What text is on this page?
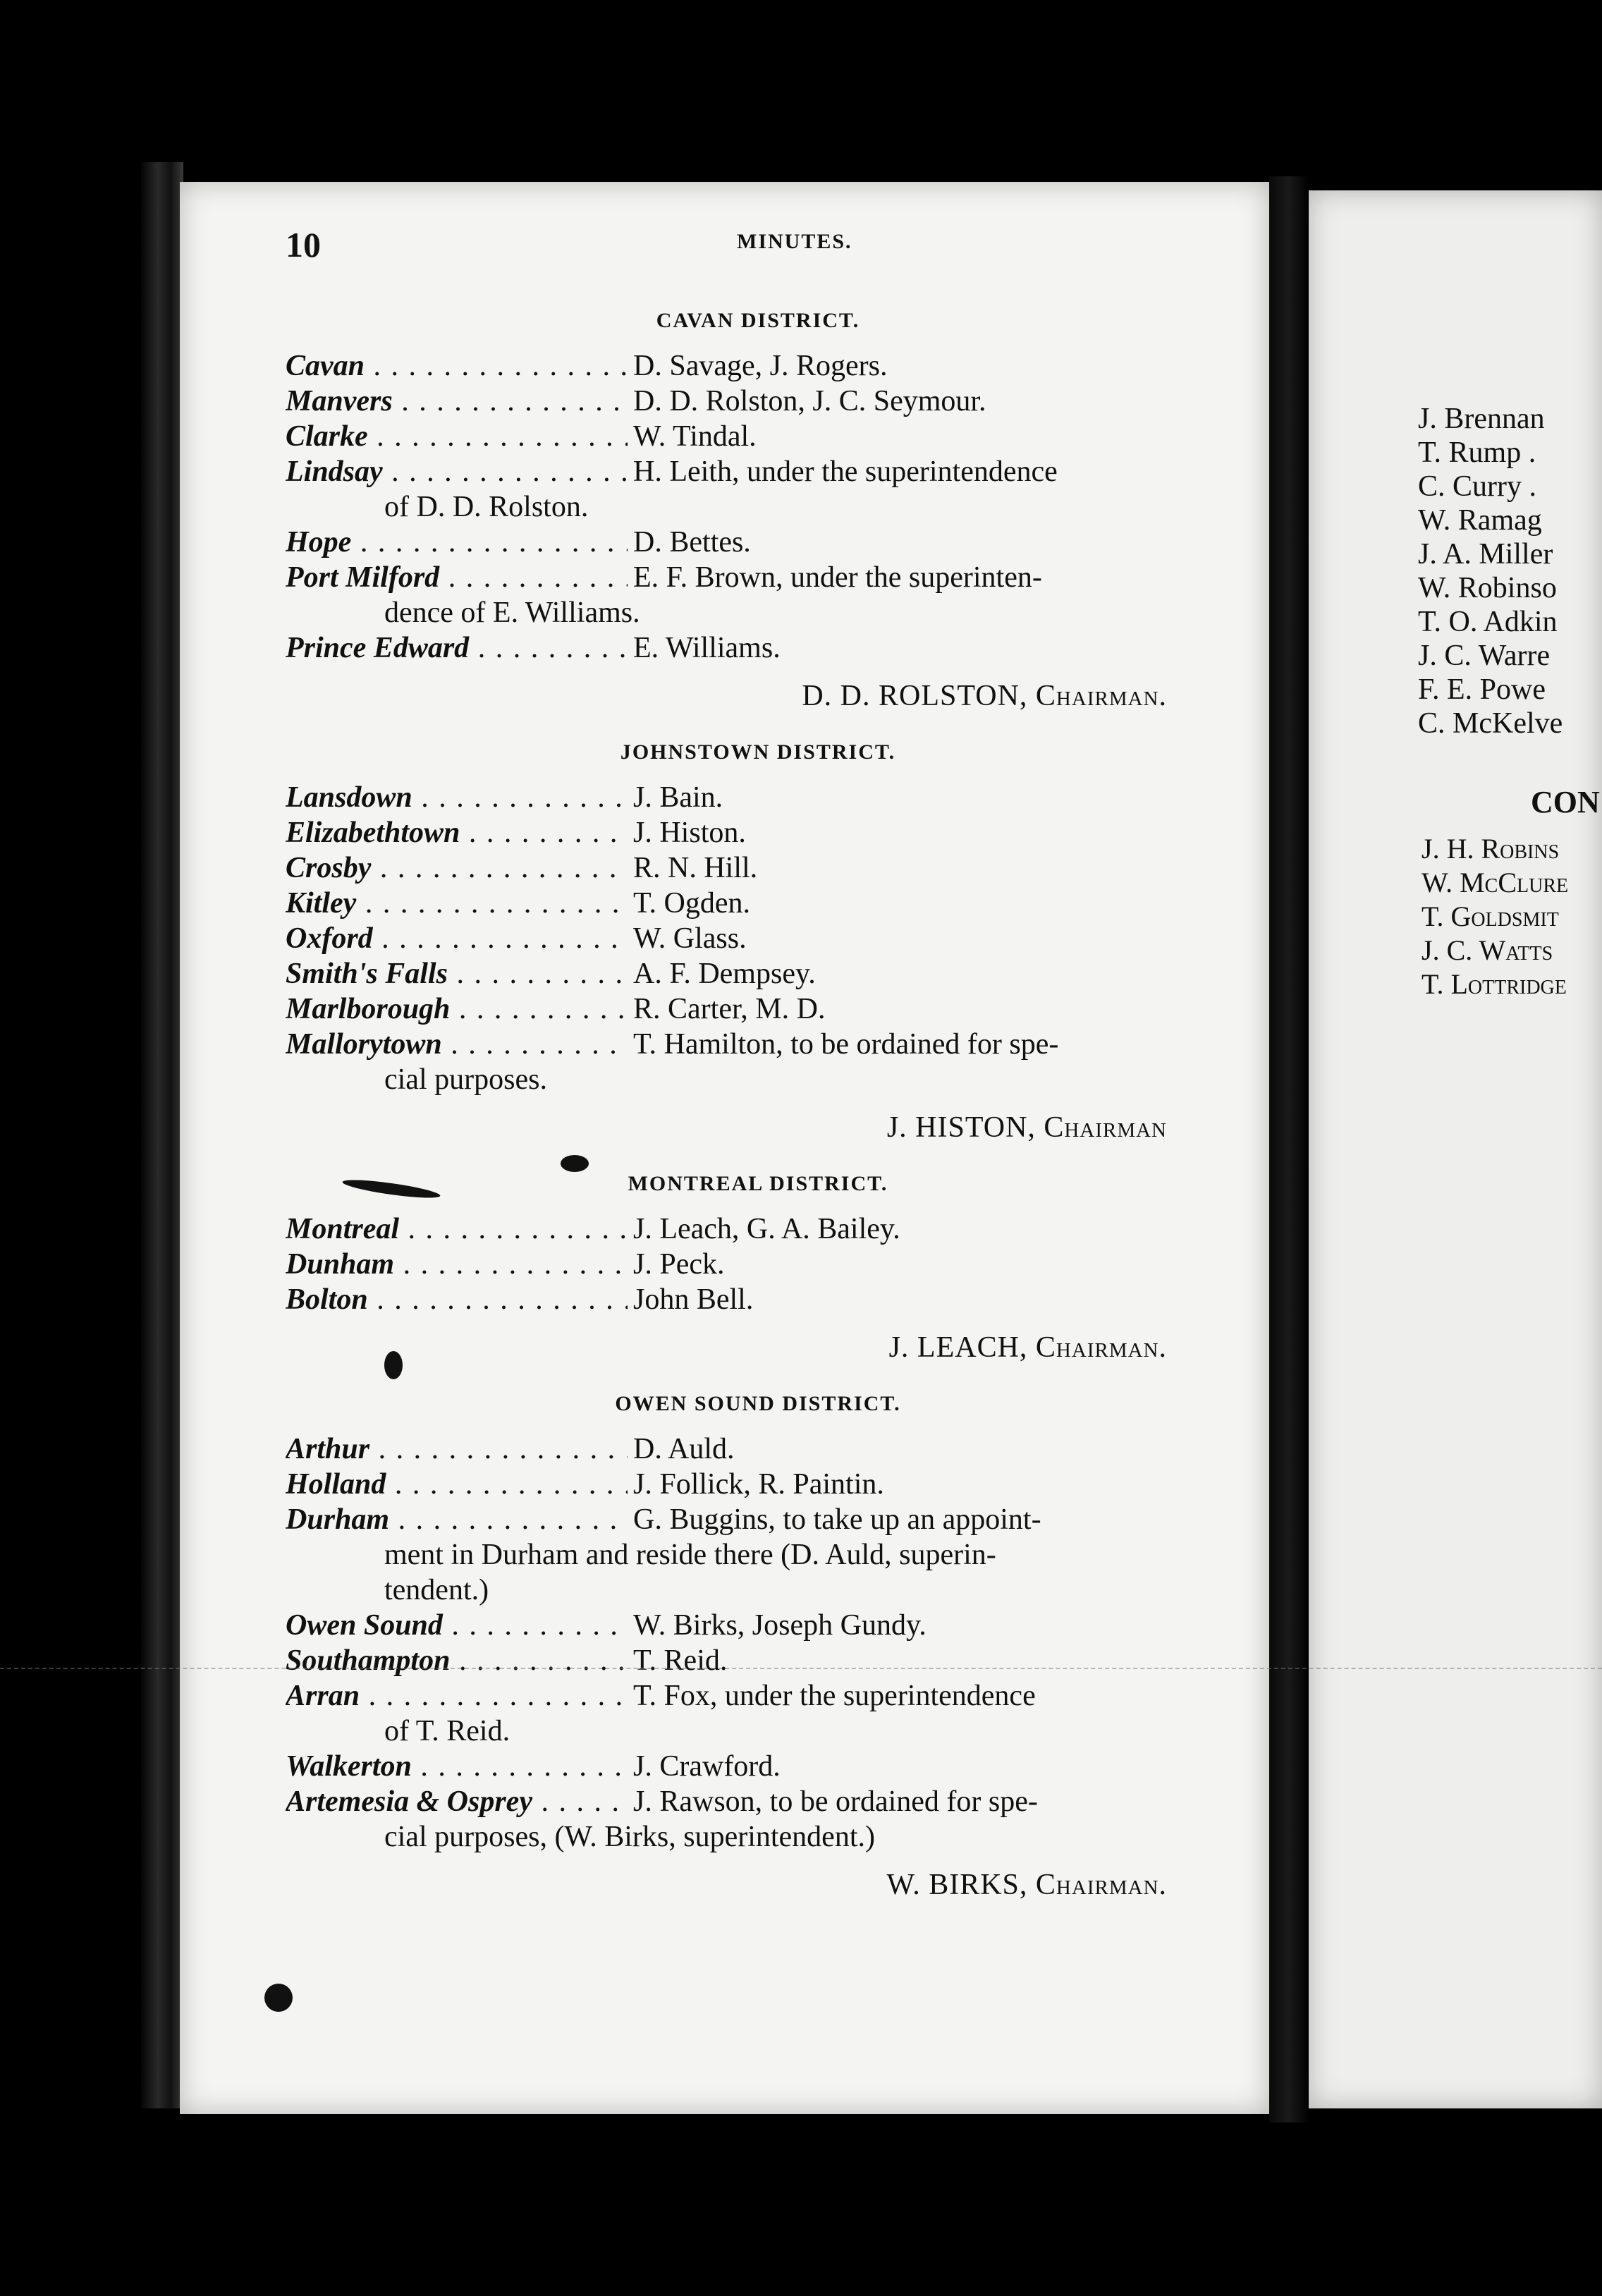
10	MINUTES.
CAVAN DISTRICT.
Cavan . . .	D. Savage, J. Rogers.
Manvers . . .	D. D. Rolston, J. C. Seymour.
Clarke . . .	W. Tindal.
Lindsay . . .	H. Leith, under the superintendence
of D. D. Rolston.
Hope . . .	D. Bettes.
Port Milford . . .	E. F. Brown, under the superinten-
dence of E. Williams.
Prince Edward . . .	E. Williams.
D. D. ROLSTON, Chairman.
JOHNSTOWN DISTRICT.
Lansdown . . .	J. Bain.
Elizabethtown . . .	J. Histon.
Crosby . . .	R. N. Hill.
Kitley . . .	T. Ogden.
Oxford . . .	W. Glass.
Smith's Falls . . .	A. F. Dempsey.
Marlborough . . .	R. Carter, M. D.
Mallorytown . . .	T. Hamilton, to be ordained for spe-
cial purposes.
J. HISTON, Chairman
MONTREAL DISTRICT.
Montreal . . .	J. Leach, G. A. Bailey.
Dunham . . .	J. Peck.
Bolton . . .	John Bell.
J. LEACH, Chairman.
OWEN SOUND DISTRICT.
Arthur . . .	D. Auld.
Holland . . .	J. Follick, R. Paintin.
Durham . . .	G. Buggins, to take up an appoint-
ment in Durham and reside there (D. Auld, superin-
tendent.)
Owen Sound . . .	W. Birks, Joseph Gundy.
Southampton . . .	T. Reid.
Arran . . .	T. Fox, under the superintendence
of T. Reid.
Walkerton . . .	J. Crawford.
Artemesia & Osprey . . .	J. Rawson, to be ordained for spe-
cial purposes, (W. Birks, superintendent.)
W. BIRKS, Chairman.
J. Brennan
T. Rump .
C. Curry .
W. Ramag
J. A. Miller
W. Robinso
T. O. Adkin
J. C. Warre
F. E. Powe
C. McKelve
CON
J. H. Robins
W. McClure
T. Goldsmit
J. C. Watts
T. Lottridge
